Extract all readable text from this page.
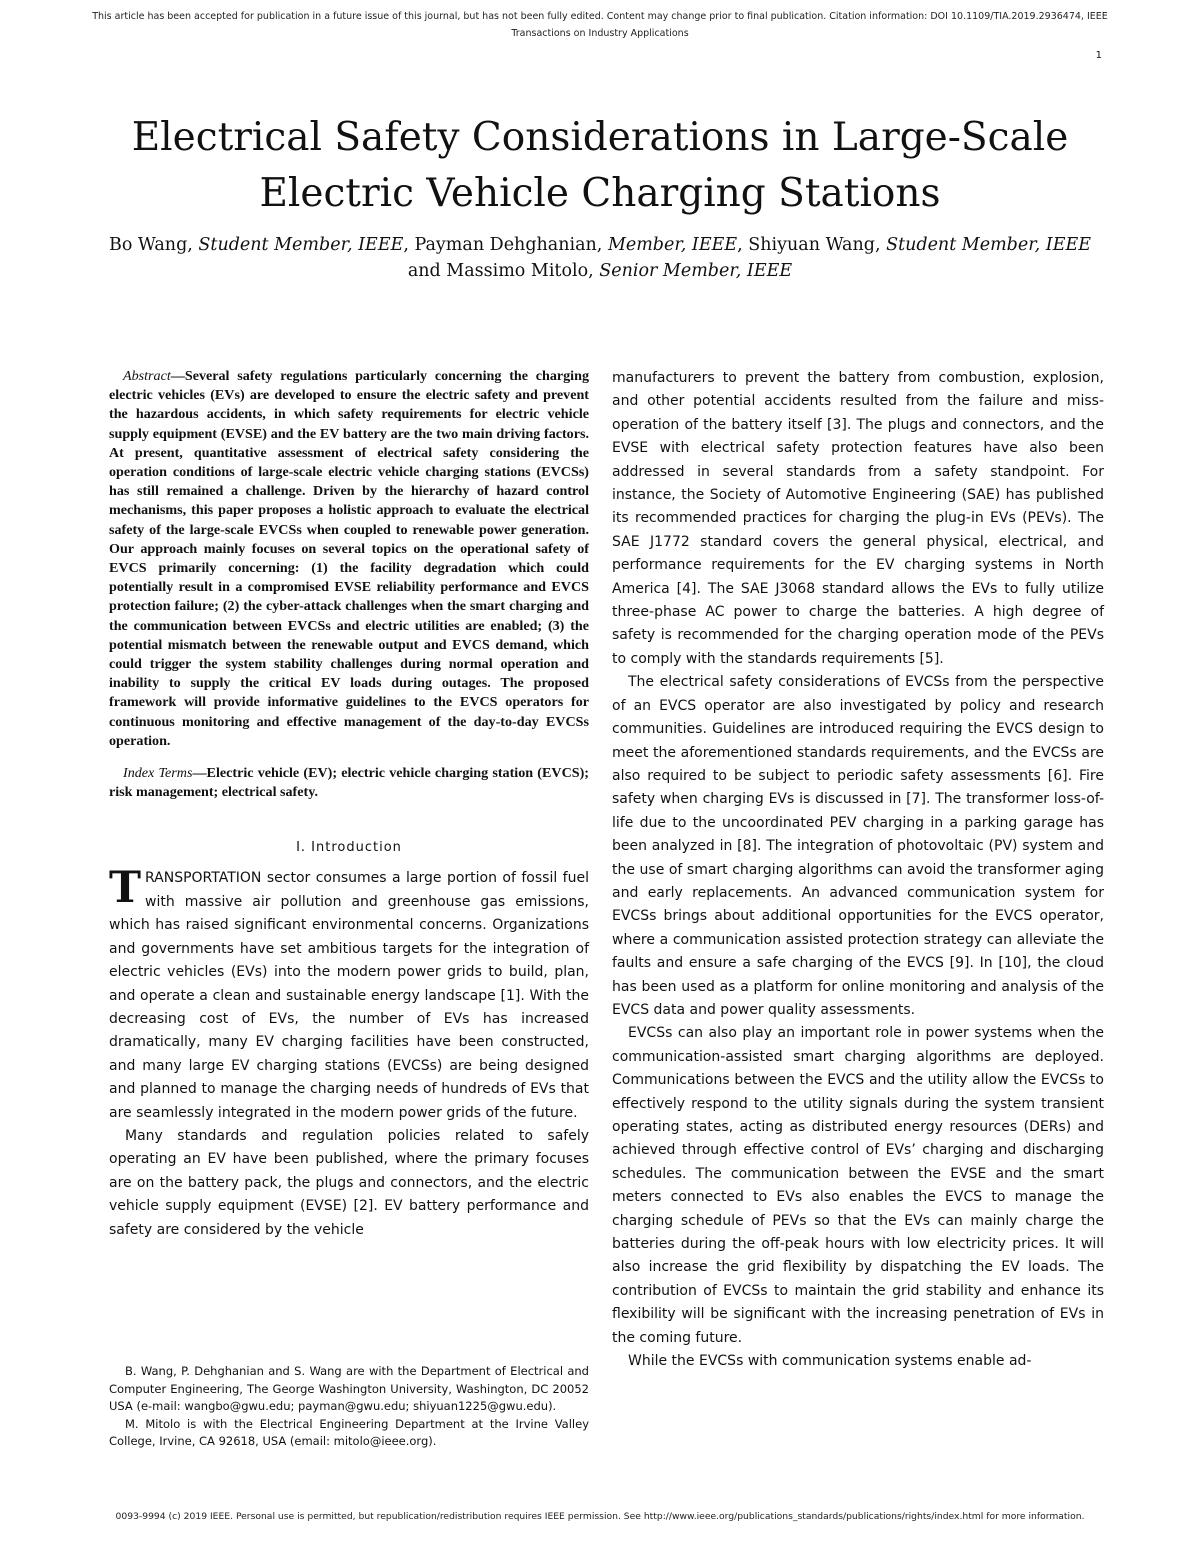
This article has been accepted for publication in a future issue of this journal, but has not been fully edited. Content may change prior to final publication. Citation information: DOI 10.1109/TIA.2019.2936474, IEEE
Transactions on Industry Applications
1
Electrical Safety Considerations in Large-Scale
Electric Vehicle Charging Stations
Bo Wang, Student Member, IEEE, Payman Dehghanian, Member, IEEE, Shiyuan Wang, Student Member, IEEE
and Massimo Mitolo, Senior Member, IEEE

Abstract—Several safety regulations particularly concerning the charging electric vehicles (EVs) are developed to ensure the electric safety and prevent the hazardous accidents, in which safety requirements for electric vehicle supply equipment (EVSE) and the EV battery are the two main driving factors. At present, quantitative assessment of electrical safety considering the operation conditions of large-scale electric vehicle charging stations (EVCSs) has still remained a challenge. Driven by the hierarchy of hazard control mechanisms, this paper proposes a holistic approach to evaluate the electrical safety of the large-scale EVCSs when coupled to renewable power generation. Our approach mainly focuses on several topics on the operational safety of EVCS primarily concerning: (1) the facility degradation which could potentially result in a compromised EVSE reliability performance and EVCS protection failure; (2) the cyber-attack challenges when the smart charging and the communication between EVCSs and electric utilities are enabled; (3) the potential mismatch between the renewable output and EVCS demand, which could trigger the system stability challenges during normal operation and inability to supply the critical EV loads during outages. The proposed framework will provide informative guidelines to the EVCS operators for continuous monitoring and effective management of the day-to-day EVCSs operation.

Index Terms—Electric vehicle (EV); electric vehicle charging station (EVCS); risk management; electrical safety.

I. Introduction

TRANSPORTATION sector consumes a large portion of fossil fuel with massive air pollution and greenhouse gas emissions, which has raised significant environmental concerns. Organizations and governments have set ambitious targets for the integration of electric vehicles (EVs) into the modern power grids to build, plan, and operate a clean and sustainable energy landscape [1]. With the decreasing cost of EVs, the number of EVs has increased dramatically, many EV charging facilities have been constructed, and many large EV charging stations (EVCSs) are being designed and planned to manage the charging needs of hundreds of EVs that are seamlessly integrated in the modern power grids of the future.

Many standards and regulation policies related to safely operating an EV have been published, where the primary focuses are on the battery pack, the plugs and connectors, and the electric vehicle supply equipment (EVSE) [2]. EV battery performance and safety are considered by the vehicle

B. Wang, P. Dehghanian and S. Wang are with the Department of Electrical and Computer Engineering, The George Washington University, Washington, DC 20052 USA (e-mail: wangbo@gwu.edu; payman@gwu.edu; shiyuan1225@gwu.edu).

M. Mitolo is with the Electrical Engineering Department at the Irvine Valley College, Irvine, CA 92618, USA (email: mitolo@ieee.org).

manufacturers to prevent the battery from combustion, explosion, and other potential accidents resulted from the failure and miss-operation of the battery itself [3]. The plugs and connectors, and the EVSE with electrical safety protection features have also been addressed in several standards from a safety standpoint. For instance, the Society of Automotive Engineering (SAE) has published its recommended practices for charging the plug-in EVs (PEVs). The SAE J1772 standard covers the general physical, electrical, and performance requirements for the EV charging systems in North America [4]. The SAE J3068 standard allows the EVs to fully utilize three-phase AC power to charge the batteries. A high degree of safety is recommended for the charging operation mode of the PEVs to comply with the standards requirements [5].

The electrical safety considerations of EVCSs from the perspective of an EVCS operator are also investigated by policy and research communities. Guidelines are introduced requiring the EVCS design to meet the aforementioned standards requirements, and the EVCSs are also required to be subject to periodic safety assessments [6]. Fire safety when charging EVs is discussed in [7]. The transformer loss-of-life due to the uncoordinated PEV charging in a parking garage has been analyzed in [8]. The integration of photovoltaic (PV) system and the use of smart charging algorithms can avoid the transformer aging and early replacements. An advanced communication system for EVCSs brings about additional opportunities for the EVCS operator, where a communication assisted protection strategy can alleviate the faults and ensure a safe charging of the EVCS [9]. In [10], the cloud has been used as a platform for online monitoring and analysis of the EVCS data and power quality assessments.

EVCSs can also play an important role in power systems when the communication-assisted smart charging algorithms are deployed. Communications between the EVCS and the utility allow the EVCSs to effectively respond to the utility signals during the system transient operating states, acting as distributed energy resources (DERs) and achieved through effective control of EVs’ charging and discharging schedules. The communication between the EVSE and the smart meters connected to EVs also enables the EVCS to manage the charging schedule of PEVs so that the EVs can mainly charge the batteries during the off-peak hours with low electricity prices. It will also increase the grid flexibility by dispatching the EV loads. The contribution of EVCSs to maintain the grid stability and enhance its flexibility will be significant with the increasing penetration of EVs in the coming future.

While the EVCSs with communication systems enable ad-

0093-9994 (c) 2019 IEEE. Personal use is permitted, but republication/redistribution requires IEEE permission. See http://www.ieee.org/publications_standards/publications/rights/index.html for more information.
